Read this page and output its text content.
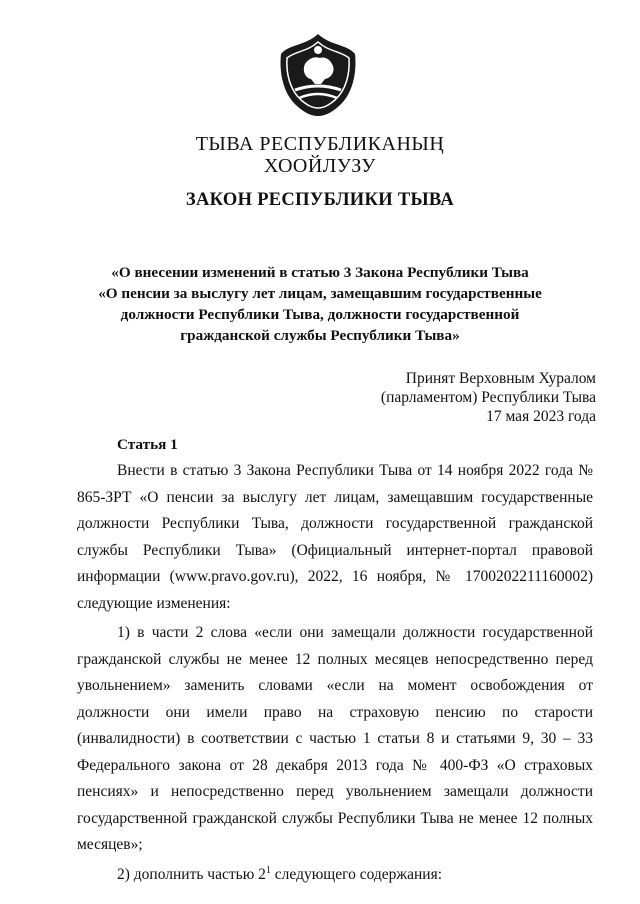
ТЫВА РЕСПУБЛИКАНЫҢ
ХООЙЛУЗУ
ЗАКОН РЕСПУБЛИКИ ТЫВА
«О внесении изменений в статью 3 Закона Республики Тыва
«О пенсии за выслугу лет лицам, замещавшим государственные
должности Республики Тыва, должности государственной
гражданской службы Республики Тыва»
Принят Верховным Хуралом
(парламентом) Республики Тыва
17 мая 2023 года
Статья 1

Внести в статью 3 Закона Республики Тыва от 14 ноября 2022 года № 865-ЗРТ «О пенсии за выслугу лет лицам, замещавшим государственные должности Республики Тыва, должности государственной гражданской службы Республики Тыва» (Официальный интернет-портал правовой информации (www.pravo.gov.ru), 2022, 16 ноября, № 1700202211160002) следующие изменения:

1) в части 2 слова «если они замещали должности государственной гражданской службы не менее 12 полных месяцев непосредственно перед увольнением» заменить словами «если на момент освобождения от должности они имели право на страховую пенсию по старости (инвалидности) в соответствии с частью 1 статьи 8 и статьями 9, 30 – 33 Федерального закона от 28 декабря 2013 года № 400-ФЗ «О страховых пенсиях» и непосредственно перед увольнением замещали должности государственной гражданской службы Республики Тыва не менее 12 полных месяцев»;

2) дополнить частью $2^1$ следующего содержания:
